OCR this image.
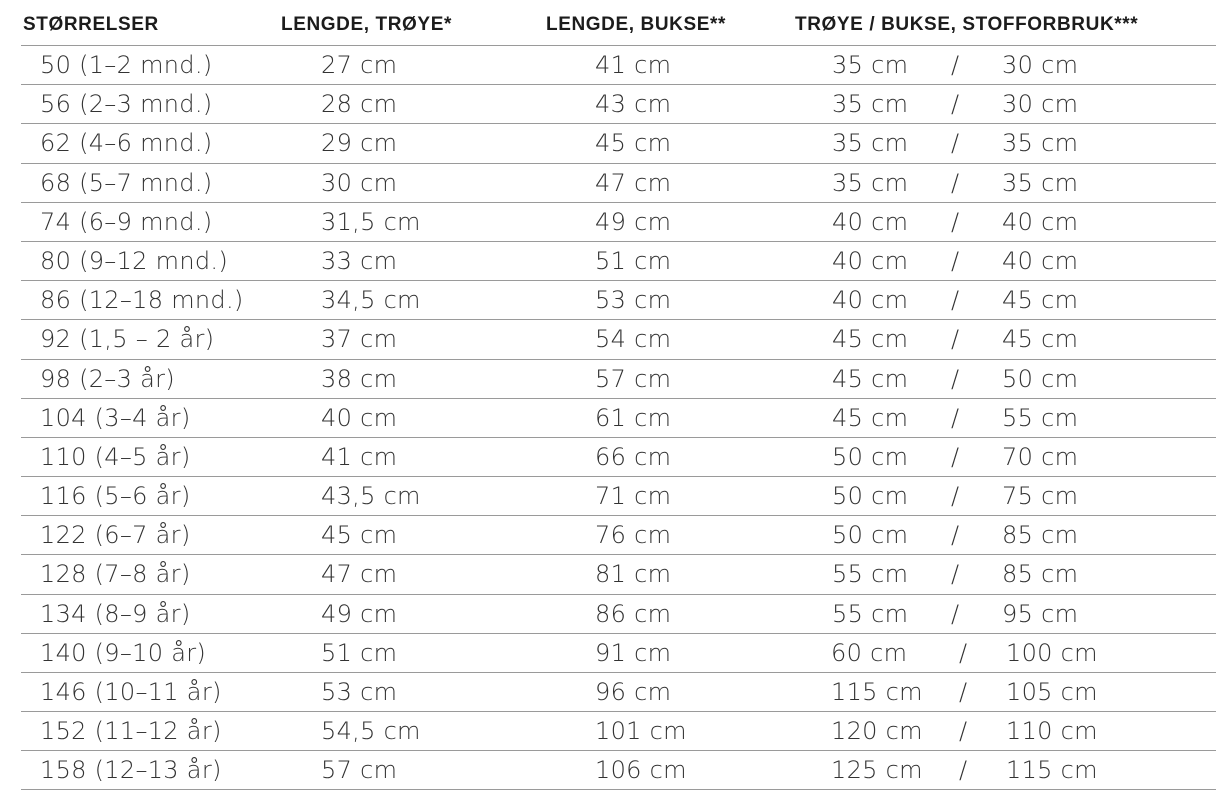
STØRRELSER	LENGDE, TRØYE*	LENGDE, BUKSE**	TRØYE / BUKSE, STOFFORBRUK***
50 (1–2 mnd.)	27 cm	41 cm	35 cm / 30 cm
56 (2–3 mnd.)	28 cm	43 cm	35 cm / 30 cm
62 (4–6 mnd.)	29 cm	45 cm	35 cm / 35 cm
68 (5–7 mnd.)	30 cm	47 cm	35 cm / 35 cm
74 (6–9 mnd.)	31,5 cm	49 cm	40 cm / 40 cm
80 (9–12 mnd.)	33 cm	51 cm	40 cm / 40 cm
86 (12–18 mnd.)	34,5 cm	53 cm	40 cm / 45 cm
92 (1,5 – 2 år)	37 cm	54 cm	45 cm / 45 cm
98 (2–3 år)	38 cm	57 cm	45 cm / 50 cm
104 (3–4 år)	40 cm	61 cm	45 cm / 55 cm
110 (4–5 år)	41 cm	66 cm	50 cm / 70 cm
116 (5–6 år)	43,5 cm	71 cm	50 cm / 75 cm
122 (6–7 år)	45 cm	76 cm	50 cm / 85 cm
128 (7–8 år)	47 cm	81 cm	55 cm / 85 cm
134 (8–9 år)	49 cm	86 cm	55 cm / 95 cm
140 (9–10 år)	51 cm	91 cm	60 cm / 100 cm
146 (10–11 år)	53 cm	96 cm	115 cm / 105 cm
152 (11–12 år)	54,5 cm	101 cm	120 cm / 110 cm
158 (12–13 år)	57 cm	106 cm	125 cm / 115 cm
